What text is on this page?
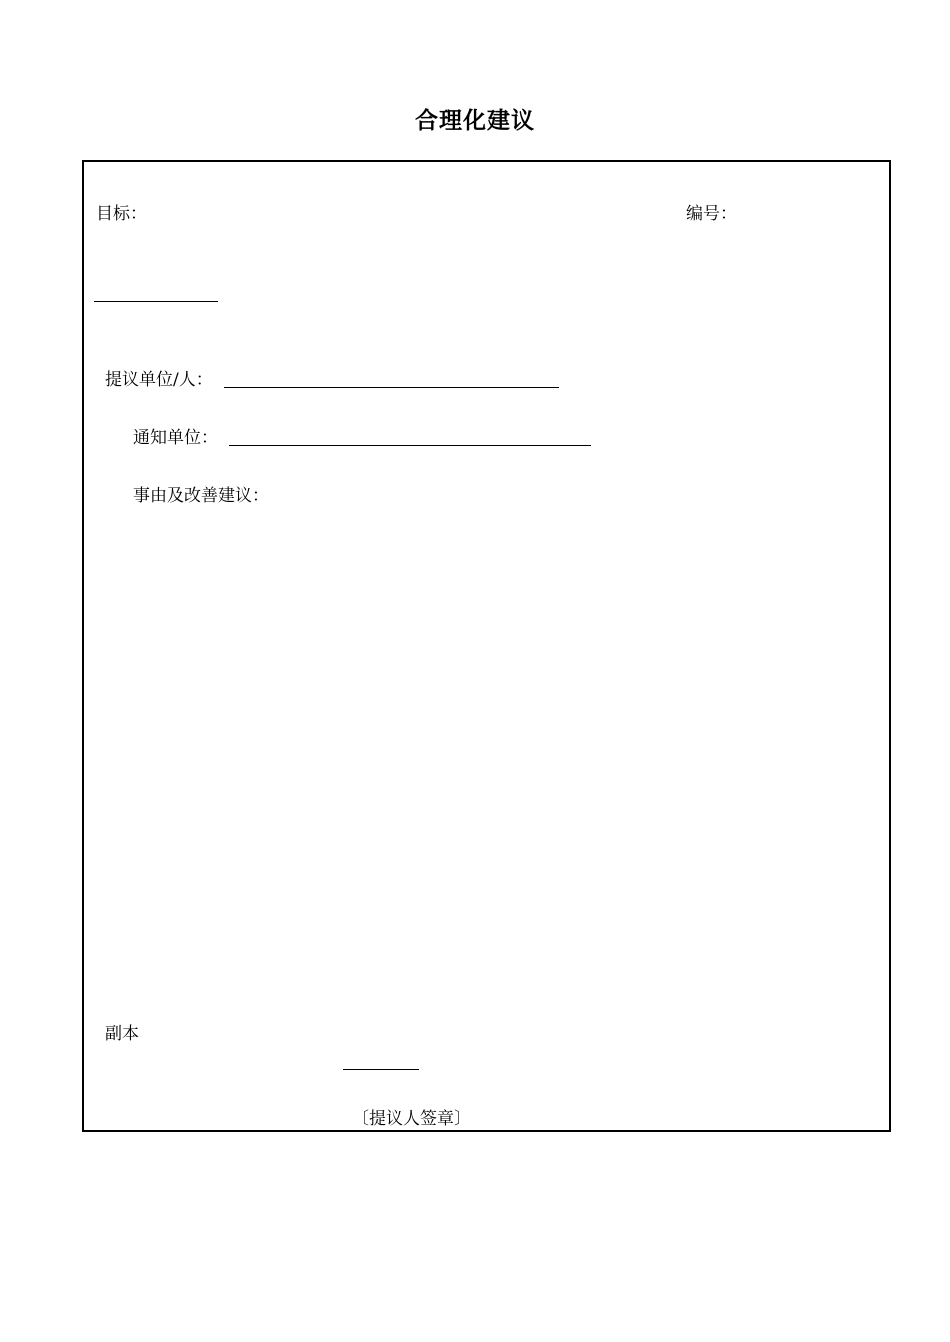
合理化建议
目标：	编号：
提议单位/人：
通知单位：
事由及改善建议：
副本
〔提议人签章〕
